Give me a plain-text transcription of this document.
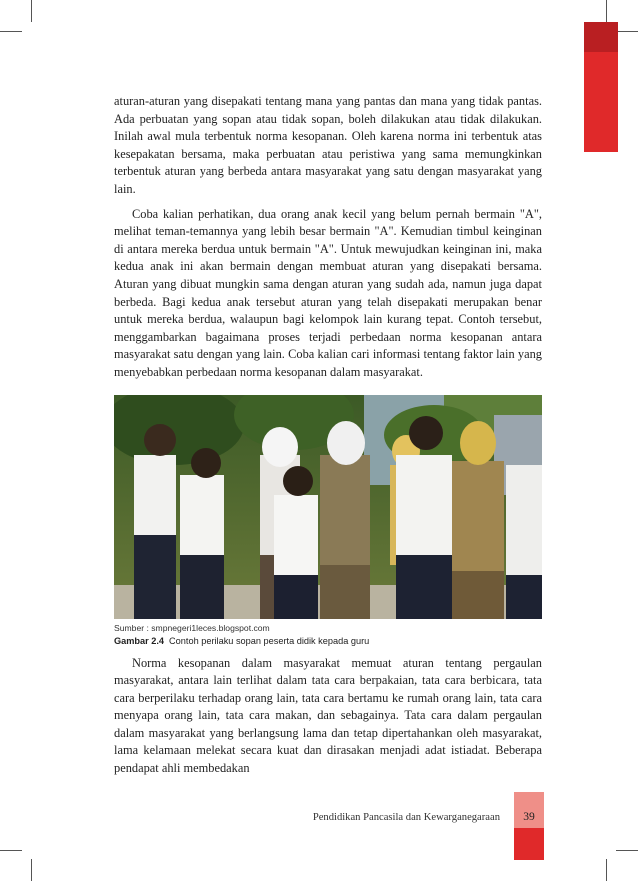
aturan-aturan yang disepakati tentang mana yang pantas dan mana yang tidak pantas. Ada perbuatan yang sopan atau tidak sopan, boleh dilakukan atau tidak dilakukan. Inilah awal mula terbentuk norma kesopanan. Oleh karena norma ini terbentuk atas kesepakatan bersama, maka perbuatan atau peristiwa yang sama memungkinkan terbentuk aturan yang berbeda antara masyarakat yang satu dengan masyarakat yang lain.

Coba kalian perhatikan, dua orang anak kecil yang belum pernah bermain "A", melihat teman-temannya yang lebih besar bermain "A". Kemudian timbul keinginan di antara mereka berdua untuk bermain "A". Untuk mewujudkan keinginan ini, maka kedua anak ini akan bermain dengan membuat aturan yang disepakati bersama. Aturan yang dibuat mungkin sama dengan aturan yang sudah ada, namun juga dapat berbeda. Bagi kedua anak tersebut aturan yang telah disepakati merupakan benar untuk mereka berdua, walaupun bagi kelompok lain kurang tepat. Contoh tersebut, menggambarkan bagaimana proses terjadi perbedaan norma kesopanan antara masyarakat satu dengan yang lain. Coba kalian cari informasi tentang faktor lain yang menyebabkan perbedaan norma kesopanan dalam masyarakat.

Sumber : smpnegeri1leces.blogspot.com
Gambar 2.4 Contoh perilaku sopan peserta didik kepada guru

Norma kesopanan dalam masyarakat memuat aturan tentang pergaulan masyarakat, antara lain terlihat dalam tata cara berpakaian, tata cara berbicara, tata cara berperilaku terhadap orang lain, tata cara bertamu ke rumah orang lain, tata cara menyapa orang lain, tata cara makan, dan sebagainya. Tata cara dalam pergaulan dalam masyarakat yang berlangsung lama dan tetap dipertahankan oleh masyarakat, lama kelamaan melekat secara kuat dan dirasakan menjadi adat istiadat. Beberapa pendapat ahli membedakan

Pendidikan Pancasila dan Kewarganegaraan	39
